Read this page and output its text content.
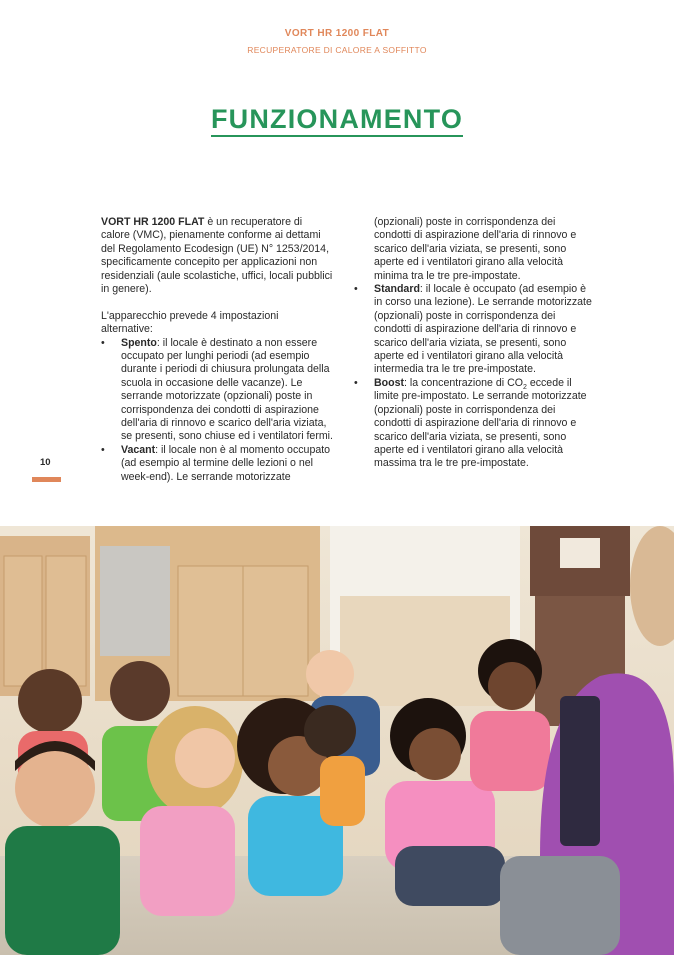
VORT HR 1200 FLAT
RECUPERATORE DI CALORE A SOFFITTO
FUNZIONAMENTO

VORT HR 1200 FLAT è un recuperatore di calore (VMC), pienamente conforme ai dettami del Regolamento Ecodesign (UE) N° 1253/2014, specificamente concepito per applicazioni non residenziali (aule scolastiche, uffici, locali pubblici in genere).

L'apparecchio prevede 4 impostazioni alternative:

• Spento: il locale è destinato a non essere occupato per lunghi periodi (ad esempio durante i periodi di chiusura prolungata della scuola in occasione delle vacanze). Le serrande motorizzate (opzionali) poste in corrispondenza dei condotti di aspirazione dell'aria di rinnovo e scarico dell'aria viziata, se presenti, sono chiuse ed i ventilatori fermi.
• Vacant: il locale non è al momento occupato (ad esempio al termine delle lezioni o nel week-end). Le serrande motorizzate

(opzionali) poste in corrispondenza dei condotti di aspirazione dell'aria di rinnovo e scarico dell'aria viziata, se presenti, sono aperte ed i ventilatori girano alla velocità minima tra le tre pre-impostate.

• Standard: il locale è occupato (ad esempio è in corso una lezione). Le serrande motorizzate (opzionali) poste in corrispondenza dei condotti di aspirazione dell'aria di rinnovo e scarico dell'aria viziata, se presenti, sono aperte ed i ventilatori girano alla velocità intermedia tra le tre pre-impostate.
• Boost: la concentrazione di $CO_2$ eccede il limite pre-impostato. Le serrande motorizzate (opzionali) poste in corrispondenza dei condotti di aspirazione dell'aria di rinnovo e scarico dell'aria viziata, se presenti, sono aperte ed i ventilatori girano alla velocità massima tra le tre pre-impostate.
10
